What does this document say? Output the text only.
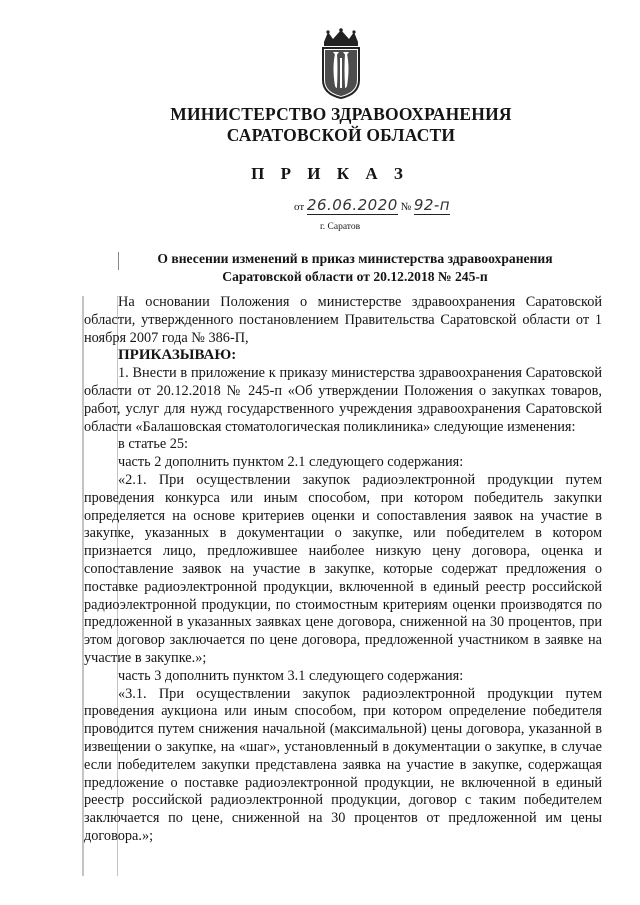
МИНИСТЕРСТВО ЗДРАВООХРАНЕНИЯ
САРАТОВСКОЙ ОБЛАСТИ
П Р И К А З
от 26.06.2020 № 92-п
г. Саратов
О внесении изменений в приказ министерства здравоохранения
Саратовской области от 20.12.2018 № 245-п

На основании Положения о министерстве здравоохранения Саратовской области, утвержденного постановлением Правительства Саратовской области от 1 ноября 2007 года № 386-П,

ПРИКАЗЫВАЮ:

1. Внести в приложение к приказу министерства здравоохранения Саратовской области от 20.12.2018 № 245-п «Об утверждении Положения о закупках товаров, работ, услуг для нужд государственного учреждения здравоохранения Саратовской области «Балашовская стоматологическая поликлиника» следующие изменения:

в статье 25:

часть 2 дополнить пунктом 2.1 следующего содержания:

«2.1. При осуществлении закупок радиоэлектронной продукции путем проведения конкурса или иным способом, при котором победитель закупки определяется на основе критериев оценки и сопоставления заявок на участие в закупке, указанных в документации о закупке, или победителем в котором признается лицо, предложившее наиболее низкую цену договора, оценка и сопоставление заявок на участие в закупке, которые содержат предложения о поставке радиоэлектронной продукции, включенной в единый реестр российской радиоэлектронной продукции, по стоимостным критериям оценки производятся по предложенной в указанных заявках цене договора, сниженной на 30 процентов, при этом договор заключается по цене договора, предложенной участником в заявке на участие в закупке.»;

часть 3 дополнить пунктом 3.1 следующего содержания:

«3.1. При осуществлении закупок радиоэлектронной продукции путем проведения аукциона или иным способом, при котором определение победителя проводится путем снижения начальной (максимальной) цены договора, указанной в извещении о закупке, на «шаг», установленный в документации о закупке, в случае если победителем закупки представлена заявка на участие в закупке, содержащая предложение о поставке радиоэлектронной продукции, не включенной в единый реестр российской радиоэлектронной продукции, договор с таким победителем заключается по цене, сниженной на 30 процентов от предложенной им цены договора.»;
